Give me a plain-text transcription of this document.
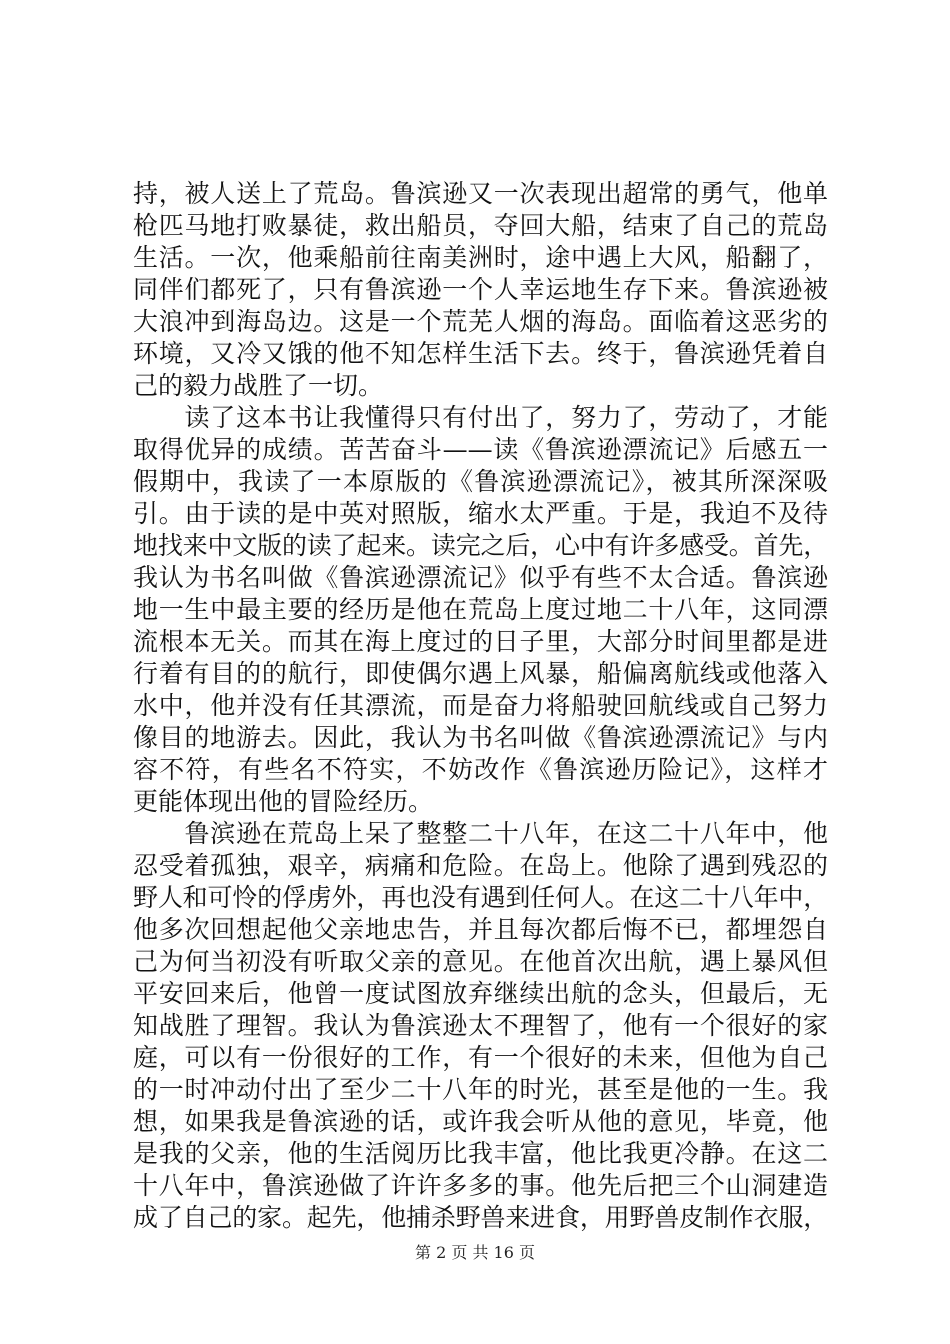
持，被人送上了荒岛。鲁滨逊又一次表现出超常的勇气，他单
枪匹马地打败暴徒，救出船员，夺回大船，结束了自己的荒岛
生活。一次，他乘船前往南美洲时，途中遇上大风，船翻了，
同伴们都死了，只有鲁滨逊一个人幸运地生存下来。鲁滨逊被
大浪冲到海岛边。这是一个荒芜人烟的海岛。面临着这恶劣的
环境，又冷又饿的他不知怎样生活下去。终于，鲁滨逊凭着自
己的毅力战胜了一切。
　　读了这本书让我懂得只有付出了，努力了，劳动了，才能
取得优异的成绩。苦苦奋斗——读《鲁滨逊漂流记》后感五一
假期中，我读了一本原版的《鲁滨逊漂流记》，被其所深深吸
引。由于读的是中英对照版，缩水太严重。于是，我迫不及待
地找来中文版的读了起来。读完之后，心中有许多感受。首先，
我认为书名叫做《鲁滨逊漂流记》似乎有些不太合适。鲁滨逊
地一生中最主要的经历是他在荒岛上度过地二十八年，这同漂
流根本无关。而其在海上度过的日子里，大部分时间里都是进
行着有目的的航行，即使偶尔遇上风暴，船偏离航线或他落入
水中，他并没有任其漂流，而是奋力将船驶回航线或自己努力
像目的地游去。因此，我认为书名叫做《鲁滨逊漂流记》与内
容不符，有些名不符实，不妨改作《鲁滨逊历险记》，这样才
更能体现出他的冒险经历。
　　鲁滨逊在荒岛上呆了整整二十八年，在这二十八年中，他
忍受着孤独，艰辛，病痛和危险。在岛上。他除了遇到残忍的
野人和可怜的俘虏外，再也没有遇到任何人。在这二十八年中，
他多次回想起他父亲地忠告，并且每次都后悔不已，都埋怨自
己为何当初没有听取父亲的意见。在他首次出航，遇上暴风但
平安回来后，他曾一度试图放弃继续出航的念头，但最后，无
知战胜了理智。我认为鲁滨逊太不理智了，他有一个很好的家
庭，可以有一份很好的工作，有一个很好的未来，但他为自己
的一时冲动付出了至少二十八年的时光，甚至是他的一生。我
想，如果我是鲁滨逊的话，或许我会听从他的意见，毕竟，他
是我的父亲，他的生活阅历比我丰富，他比我更冷静。在这二
十八年中，鲁滨逊做了许许多多的事。他先后把三个山洞建造
成了自己的家。起先，他捕杀野兽来进食，用野兽皮制作衣服，
第 2 页 共 16 页
